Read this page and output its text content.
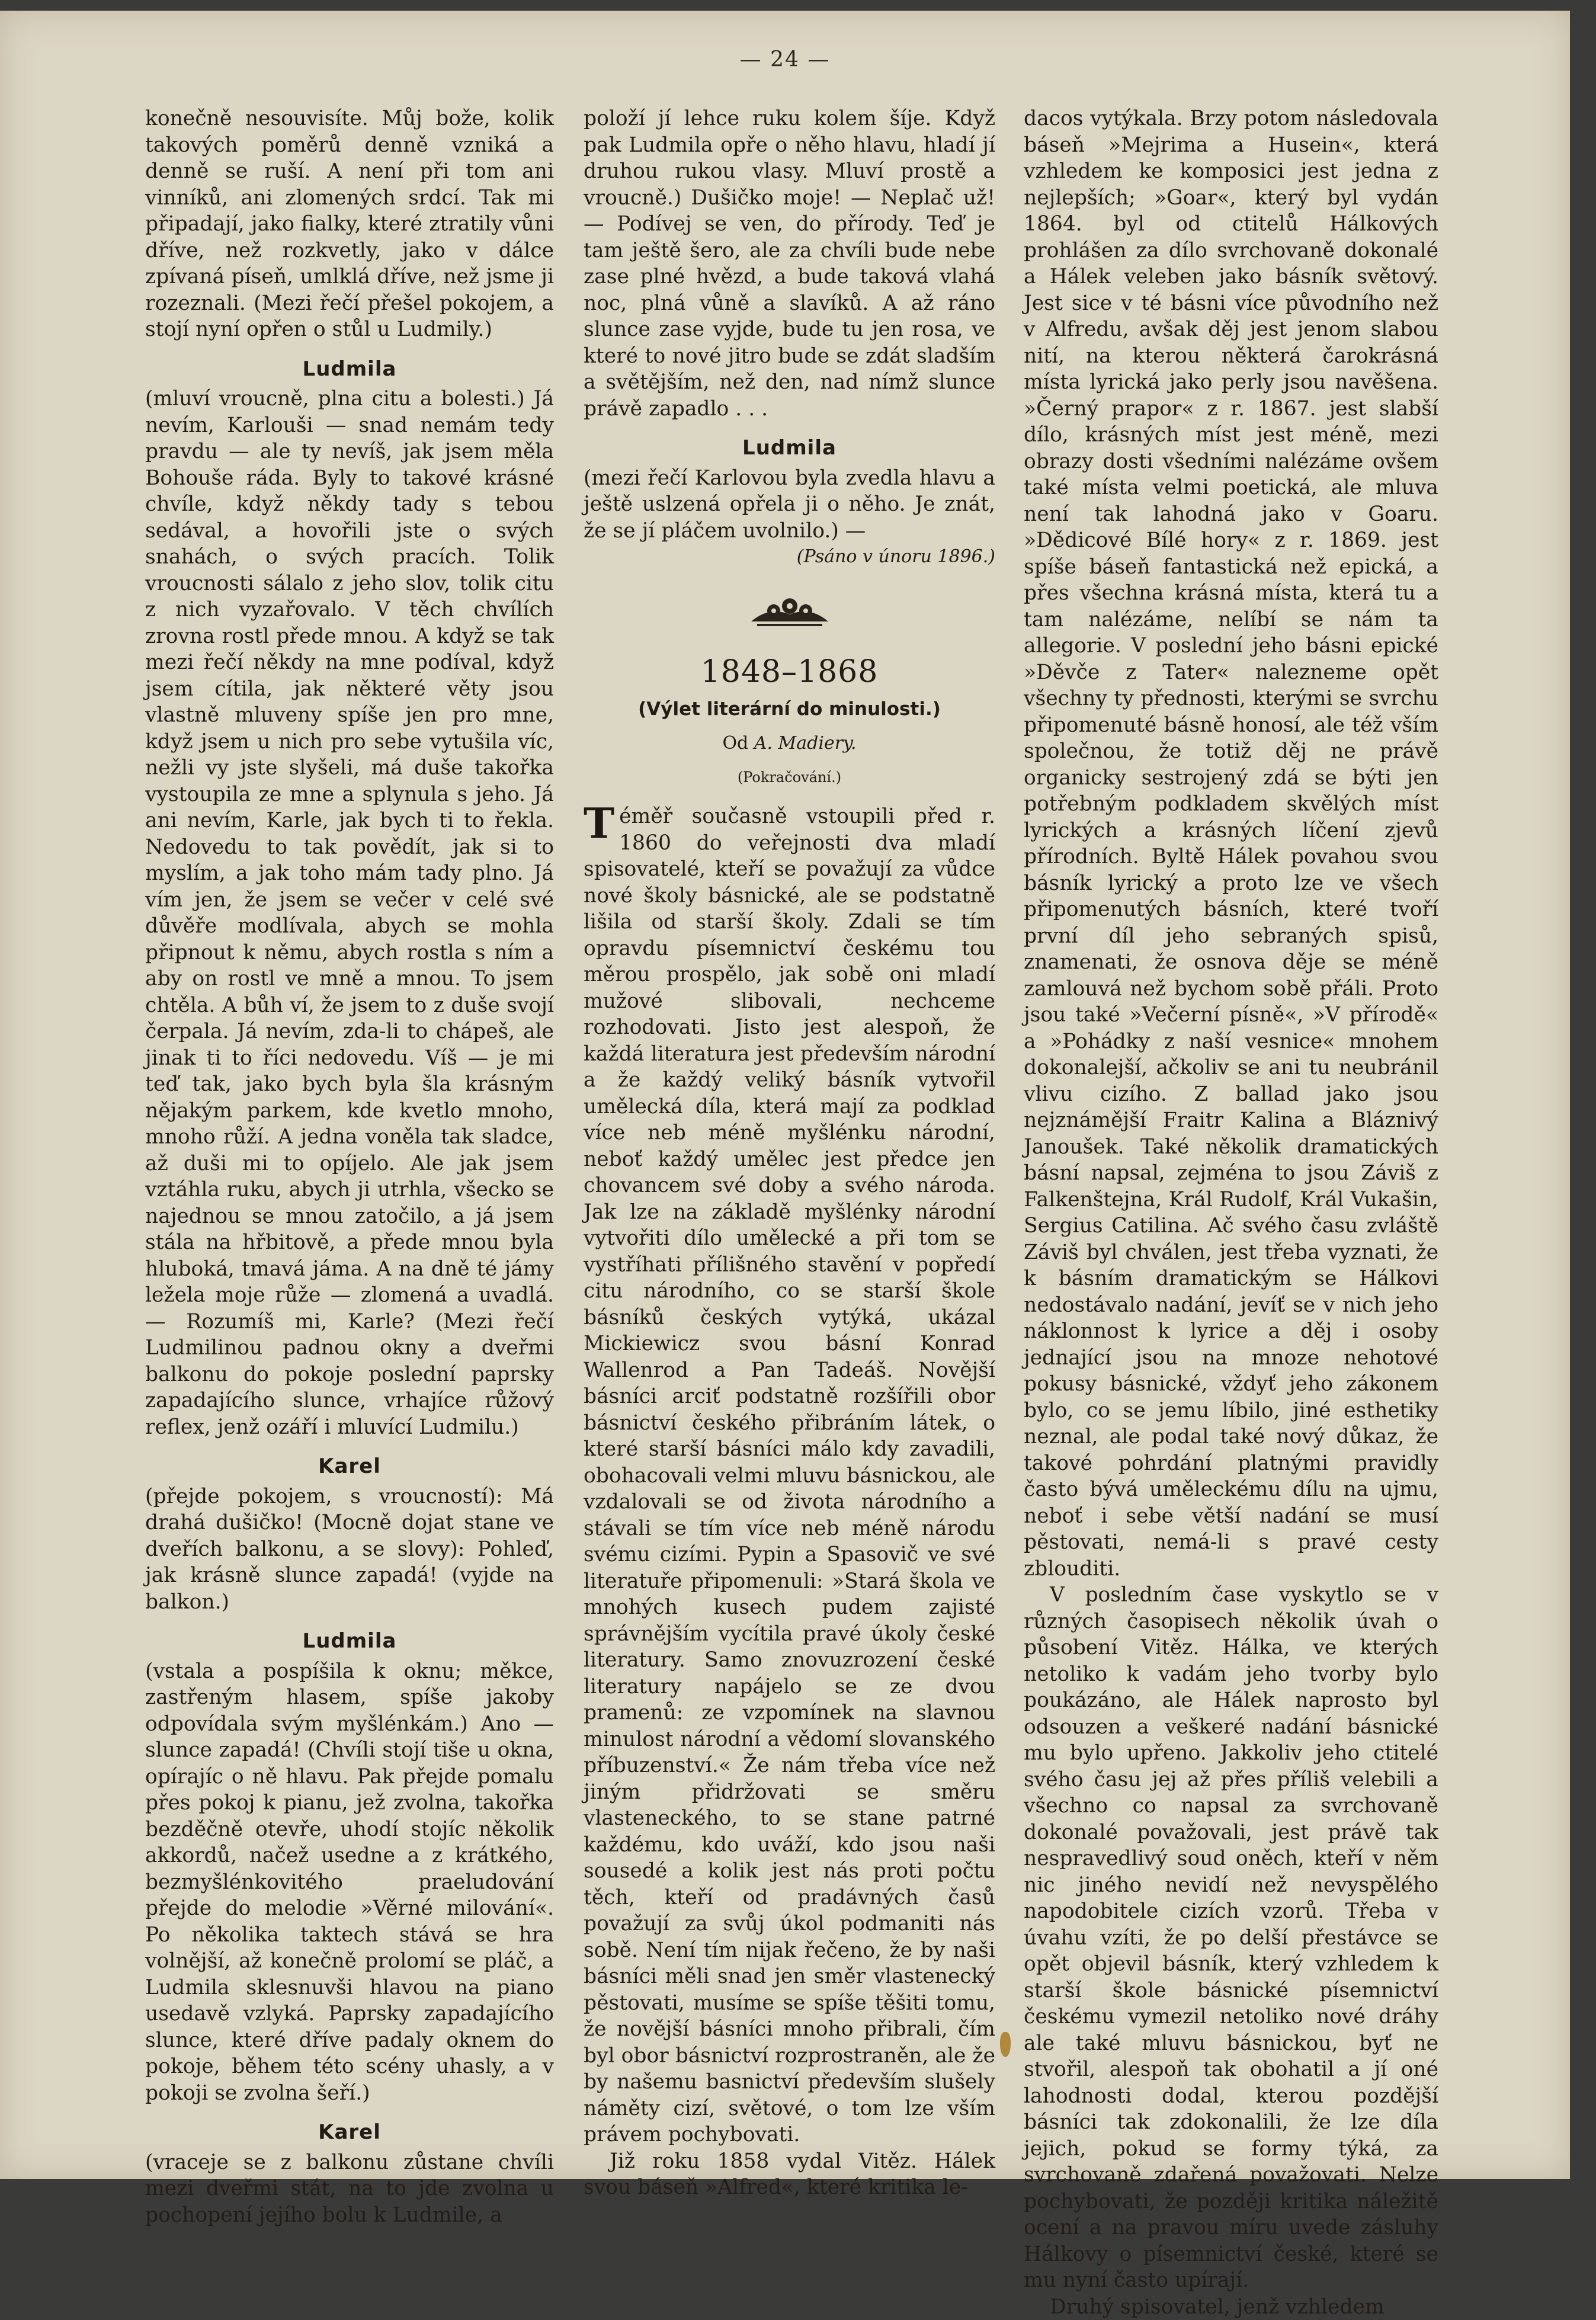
— 24 —

konečně nesouvisíte. Můj bože, kolik takových poměrů denně vzniká a denně se ruší. A není při tom ani vinníků, ani zlomených srdcí. Tak mi připadají, jako fialky, které ztratily vůni dříve, než rozkvetly, jako v dálce zpívaná píseň, umlklá dříve, než jsme ji rozeznali. (Mezi řečí přešel pokojem, a stojí nyní opřen o stůl u Ludmily.)

Ludmila

(mluví vroucně, plna citu a bolesti.) Já nevím, Karlouši — snad nemám tedy pravdu — ale ty nevíš, jak jsem měla Bohouše ráda. Byly to takové krásné chvíle, když někdy tady s tebou sedával, a hovořili jste o svých snahách, o svých pracích. Tolik vroucnosti sálalo z jeho slov, tolik citu z nich vyzařovalo. V těch chvílích zrovna rostl přede mnou. A když se tak mezi řečí někdy na mne podíval, když jsem cítila, jak některé věty jsou vlastně mluveny spíše jen pro mne, když jsem u nich pro sebe vytušila víc, nežli vy jste slyšeli, má duše takořka vystoupila ze mne a splynula s jeho. Já ani nevím, Karle, jak bych ti to řekla. Nedovedu to tak povědít, jak si to myslím, a jak toho mám tady plno. Já vím jen, že jsem se večer v celé své důvěře modlívala, abych se mohla připnout k němu, abych rostla s ním a aby on rostl ve mně a mnou. To jsem chtěla. A bůh ví, že jsem to z duše svojí čerpala. Já nevím, zda-li to chápeš, ale jinak ti to říci nedovedu. Víš — je mi teď tak, jako bych byla šla krásným nějakým parkem, kde kvetlo mnoho, mnoho růží. A jedna voněla tak sladce, až duši mi to opíjelo. Ale jak jsem vztáhla ruku, abych ji utrhla, všecko se najednou se mnou zatočilo, a já jsem stála na hřbitově, a přede mnou byla hluboká, tmavá jáma. A na dně té jámy ležela moje růže — zlomená a uvadlá. — Rozumíš mi, Karle? (Mezi řečí Ludmilinou padnou okny a dveřmi balkonu do pokoje poslední paprsky zapadajícího slunce, vrhajíce růžový reflex, jenž ozáří i mluvící Ludmilu.)

Karel

(přejde pokojem, s vroucností): Má drahá dušičko! (Mocně dojat stane ve dveřích balkonu, a se slovy): Pohleď, jak krásně slunce zapadá! (vyjde na balkon.)

Ludmila

(vstala a pospíšila k oknu; měkce, zastřeným hlasem, spíše jakoby odpovídala svým myšlénkám.) Ano — slunce zapadá! (Chvíli stojí tiše u okna, opírajíc o ně hlavu. Pak přejde pomalu přes pokoj k pianu, jež zvolna, takořka bezděčně otevře, uhodí stojíc několik akkordů, načež usedne a z krátkého, bezmyšlénkovitého praeludování přejde do melodie »Věrné milování«. Po několika taktech stává se hra volnější, až konečně prolomí se pláč, a Ludmila sklesnuvši hlavou na piano usedavě vzlyká. Paprsky zapadajícího slunce, které dříve padaly oknem do pokoje, během této scény uhasly, a v pokoji se zvolna šeří.)

Karel

(vraceje se z balkonu zůstane chvíli mezi dveřmi stát, na to jde zvolna u pochopení jejího bolu k Ludmile, a

položí jí lehce ruku kolem šíje. Když pak Ludmila opře o něho hlavu, hladí jí druhou rukou vlasy. Mluví prostě a vroucně.) Dušičko moje! — Neplač už! — Podívej se ven, do přírody. Teď je tam ještě šero, ale za chvíli bude nebe zase plné hvězd, a bude taková vlahá noc, plná vůně a slavíků. A až ráno slunce zase vyjde, bude tu jen rosa, ve které to nové jitro bude se zdát sladším a světějším, než den, nad nímž slunce právě zapadlo . . .

Ludmila

(mezi řečí Karlovou byla zvedla hlavu a ještě uslzená opřela ji o něho. Je znát, že se jí pláčem uvolnilo.) —

(Psáno v únoru 1896.)

1848–1868
(Výlet literární do minulosti.)
Od A. Madiery.
(Pokračování.)

Téměř současně vstoupili před r. 1860 do veřejnosti dva mladí spisovatelé, kteří se považují za vůdce nové školy básnické, ale se podstatně lišila od starší školy. Zdali se tím opravdu písemnictví českému tou měrou prospělo, jak sobě oni mladí mužové slibovali, nechceme rozhodovati. Jisto jest alespoň, že každá literatura jest především národní a že každý veliký básník vytvořil umělecká díla, která mají za podklad více neb méně myšlénku národní, neboť každý umělec jest předce jen chovancem své doby a svého národa. Jak lze na základě myšlénky národní vytvořiti dílo umělecké a při tom se vystříhati přílišného stavění v popředí citu národního, co se starší škole básníků českých vytýká, ukázal Mickiewicz svou básní Konrad Wallenrod a Pan Tadeáš. Novější básníci arciť podstatně rozšířili obor básnictví českého přibráním látek, o které starší básníci málo kdy zavadili, obohacovali velmi mluvu básnickou, ale vzdalovali se od života národního a stávali se tím více neb méně národu svému cizími. Pypin a Spasovič ve své literatuře připomenuli: »Stará škola ve mnohých kusech pudem zajisté správnějším vycítila pravé úkoly české literatury. Samo znovuzrození české literatury napájelo se ze dvou pramenů: ze vzpomínek na slavnou minulost národní a vědomí slovanského příbuzenství.« Že nám třeba více než jiným přidržovati se směru vlasteneckého, to se stane patrné každému, kdo uváží, kdo jsou naši sousedé a kolik jest nás proti počtu těch, kteří od pradávných časů považují za svůj úkol podmaniti nás sobě. Není tím nijak řečeno, že by naši básníci měli snad jen směr vlastenecký pěstovati, musíme se spíše těšiti tomu, že novější básníci mnoho přibrali, čím byl obor básnictví rozprostraněn, ale že by našemu basnictví především slušely náměty cizí, světové, o tom lze vším právem pochybovati.

Již roku 1858 vydal Vitěz. Hálek svou báseň »Alfred«, které kritika le-

dacos vytýkala. Brzy potom následovala báseň »Mejrima a Husein«, která vzhledem ke komposici jest jedna z nejlepších; »Goar«, který byl vydán 1864. byl od ctitelů Hálkových prohlášen za dílo svrchovaně dokonalé a Hálek veleben jako básník světový. Jest sice v té básni více původního než v Alfredu, avšak děj jest jenom slabou nití, na kterou některá čarokrásná místa lyrická jako perly jsou navěšena. »Černý prapor« z r. 1867. jest slabší dílo, krásných míst jest méně, mezi obrazy dosti všedními nalézáme ovšem také místa velmi poetická, ale mluva není tak lahodná jako v Goaru. »Dědicové Bílé hory« z r. 1869. jest spíše báseň fantastická než epická, a přes všechna krásná místa, která tu a tam nalézáme, nelíbí se nám ta allegorie. V poslední jeho básni epické »Děvče z Tater« nalezneme opět všechny ty přednosti, kterými se svrchu připomenuté básně honosí, ale též vším společnou, že totiž děj ne právě organicky sestrojený zdá se býti jen potřebným podkladem skvělých míst lyrických a krásných líčení zjevů přírodních. Byltě Hálek povahou svou básník lyrický a proto lze ve všech připomenutých básních, které tvoří první díl jeho sebraných spisů, znamenati, že osnova děje se méně zamlouvá než bychom sobě přáli. Proto jsou také »Večerní písně«, »V přírodě« a »Pohádky z naší vesnice« mnohem dokonalejší, ačkoliv se ani tu neubránil vlivu cizího. Z ballad jako jsou nejznámější Fraitr Kalina a Bláznivý Janoušek. Také několik dramatických básní napsal, zejména to jsou Záviš z Falkenštejna, Král Rudolf, Král Vukašin, Sergius Catilina. Ač svého času zvláště Záviš byl chválen, jest třeba vyznati, že k básním dramatickým se Hálkovi nedostávalo nadání, jevíť se v nich jeho náklonnost k lyrice a děj i osoby jednající jsou na mnoze nehotové pokusy básnické, vždyť jeho zákonem bylo, co se jemu líbilo, jiné esthetiky neznal, ale podal také nový důkaz, že takové pohrdání platnými pravidly často bývá uměleckému dílu na ujmu, neboť i sebe větší nadání se musí pěstovati, nemá-li s pravé cesty zblouditi.

V posledním čase vyskytlo se v různých časopisech několik úvah o působení Vitěz. Hálka, ve kterých netoliko k vadám jeho tvorby bylo poukázáno, ale Hálek naprosto byl odsouzen a veškeré nadání básnické mu bylo upřeno. Jakkoliv jeho ctitelé svého času jej až přes příliš velebili a všechno co napsal za svrchovaně dokonalé považovali, jest právě tak nespravedlivý soud oněch, kteří v něm nic jiného nevidí než nevyspělého napodobitele cizích vzorů. Třeba v úvahu vzíti, že po delší přestávce se opět objevil básník, který vzhledem k starší škole básnické písemnictví českému vymezil netoliko nové dráhy ale také mluvu básnickou, byť ne stvořil, alespoň tak obohatil a jí oné lahodnosti dodal, kterou pozdější básníci tak zdokonalili, že lze díla jejich, pokud se formy týká, za svrchovaně zdařená považovati. Nelze pochybovati, že později kritika náležitě ocení a na pravou míru uvede zásluhy Hálkovy o písemnictví české, které se mu nyní často upírají.

Druhý spisovatel, jenž vzhledem
